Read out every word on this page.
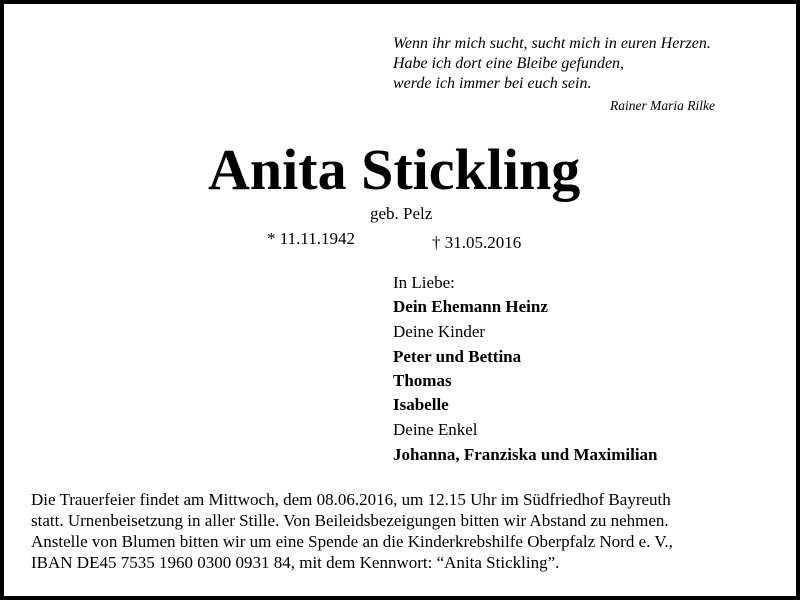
Wenn ihr mich sucht, sucht mich in euren Herzen.
Habe ich dort eine Bleibe gefunden,
werde ich immer bei euch sein.
Rainer Maria Rilke
Anita Stickling
geb. Pelz
* 11.11.1942	† 31.05.2016
In Liebe:
Dein Ehemann Heinz
Deine Kinder
Peter und Bettina
Thomas
Isabelle
Deine Enkel
Johanna, Franziska und Maximilian
Die Trauerfeier findet am Mittwoch, dem 08.06.2016, um 12.15 Uhr im Südfriedhof Bayreuth
statt. Urnenbeisetzung in aller Stille. Von Beileidsbezeigungen bitten wir Abstand zu nehmen.
Anstelle von Blumen bitten wir um eine Spende an die Kinderkrebshilfe Oberpfalz Nord e. V.,
IBAN DE45 7535 1960 0300 0931 84, mit dem Kennwort: “Anita Stickling”.
